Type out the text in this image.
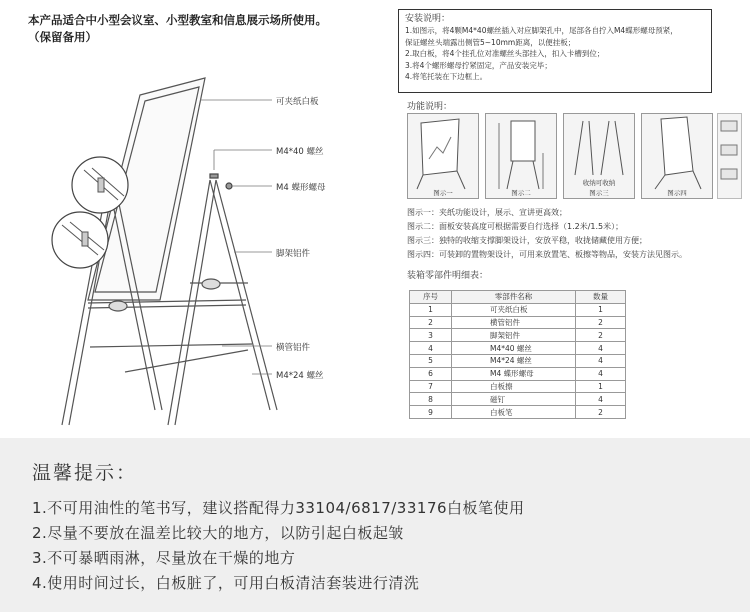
本产品适合中小型会议室、小型教室和信息展示场所使用。
（保留备用）
可夹纸白板
M4*40 螺丝
M4 蝶形螺母
脚架铝件
横管铝件
M4*24 螺丝
安装说明：
1.如图示，将4颗M4*40螺丝插入对应脚架孔中，尾部各自拧入M4蝶形螺母预紧，
保证螺丝头端露出侧管5~10mm距离，以便挂板；
2.取白板，将4个挂孔位对准螺丝头部挂入，扣入卡槽到位；
3.将4个螺形螺母拧紧固定，产品安装完毕；
4.将笔托装在下边框上。
功能说明：
图示一	图示二	图示三
收纳可收纳
图示四
图示一：夹纸功能设计，展示、宣讲更高效；
图示二：面板安装高度可根据需要自行选择（1.2米/1.5米）；
图示三：独特的收缩支撑脚架设计，安放平稳，收拢储藏使用方便；
图示四：可装卸的置物架设计，可用来放置笔、板擦等物品，安装方法见图示。
装箱零部件明细表：
序号	零部件名称	数量
1	可夹纸白板	1
2	横管铝件	2
3	脚架铝件	2
4	M4*40 螺丝	4
5	M4*24 螺丝	4
6	M4 蝶形螺母	4
7	白板擦	1
8	磁钉	4
9	白板笔	2
温馨提示：
1.不可用油性的笔书写，建议搭配得力33104/6817/33176白板笔使用
2.尽量不要放在温差比较大的地方，以防引起白板起皱
3.不可暴晒雨淋，尽量放在干燥的地方
4.使用时间过长，白板脏了，可用白板清洁套装进行清洗
